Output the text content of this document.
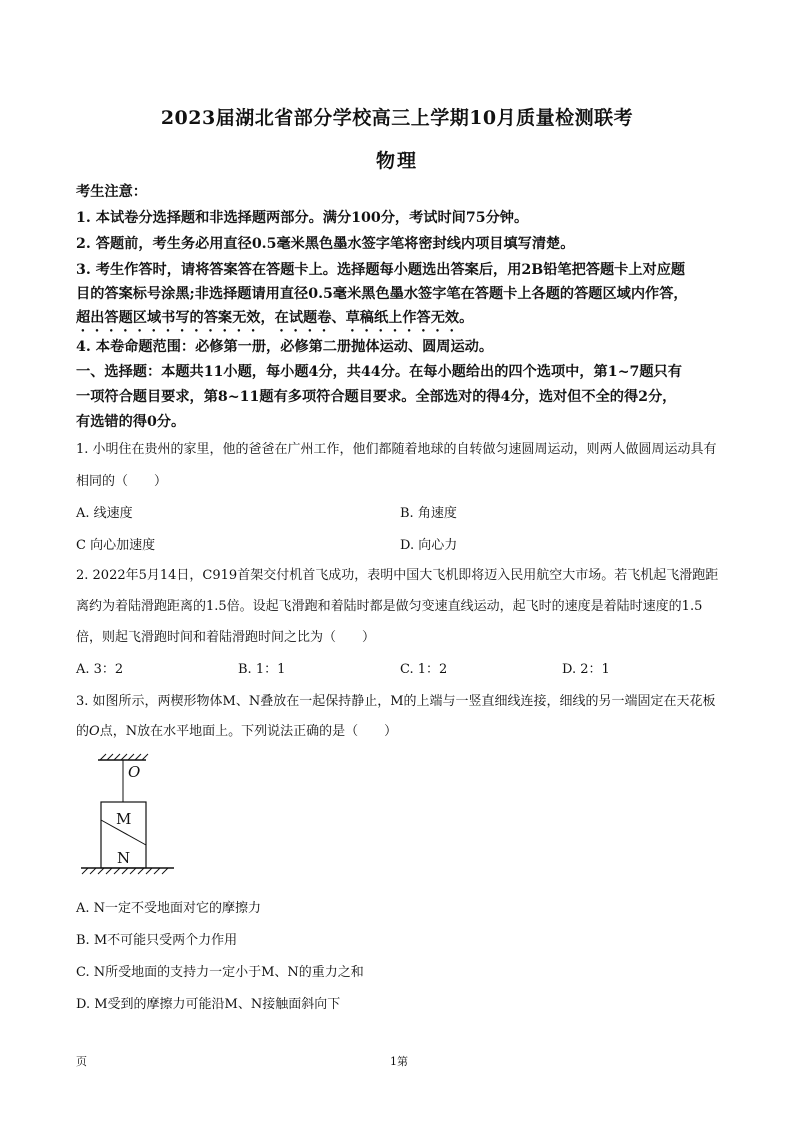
2023届湖北省部分学校高三上学期10月质量检测联考
物理
考生注意：
1. 本试卷分选择题和非选择题两部分。满分100分，考试时间75分钟。
2. 答题前，考生务必用直径0.5毫米黑色墨水签字笔将密封线内项目填写清楚。
3. 考生作答时，请将答案答在答题卡上。选择题每小题选出答案后，用2B铅笔把答题卡上对应题
目的答案标号涂黑;非选择题请用直径0.5毫米黑色墨水签字笔在答题卡上各题的答题区域内作答，
超出答题区域书写的答案无效，在试题卷、草稿纸上作答无效。
4. 本卷命题范围：必修第一册，必修第二册抛体运动、圆周运动。
一、选择题：本题共11小题，每小题4分，共44分。在每小题给出的四个选项中，第1~7题只有
一项符合题目要求，第8~11题有多项符合题目要求。全部选对的得4分，选对但不全的得2分，
有选错的得0分。
1. 小明住在贵州的家里，他的爸爸在广州工作，他们都随着地球的自转做匀速圆周运动，则两人做圆周运动具有
相同的（　　）
A. 线速度	B. 角速度
C 向心加速度	D. 向心力
2. 2022年5月14日，C919首架交付机首飞成功，表明中国大飞机即将迈入民用航空大市场。若飞机起飞滑跑距
离约为着陆滑跑距离的1.5倍。设起飞滑跑和着陆时都是做匀变速直线运动，起飞时的速度是着陆时速度的1.5
倍，则起飞滑跑时间和着陆滑跑时间之比为（　　）
A. 3：2	B. 1：1	C. 1：2	D. 2：1
3. 如图所示，两楔形物体M、N叠放在一起保持静止，M的上端与一竖直细线连接，细线的另一端固定在天花板
的O点，N放在水平地面上。下列说法正确的是（　　）
O
M
N
A. N一定不受地面对它的摩擦力
B. M不可能只受两个力作用
C. N所受地面的支持力一定小于M、N的重力之和
D. M受到的摩擦力可能沿M、N接触面斜向下
页	1第
